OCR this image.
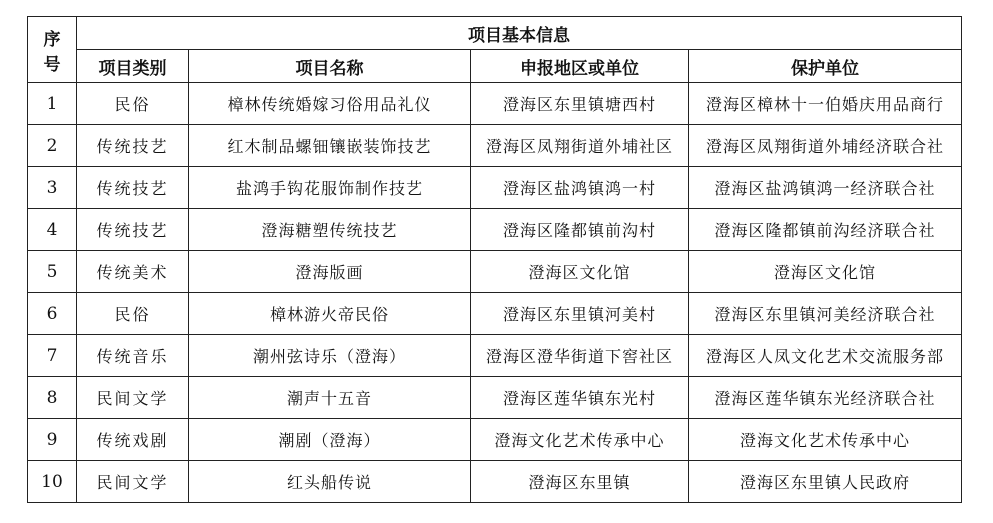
序
号	项目基本信息			
	项目类别	项目名称	申报地区或单位	保护单位
1	民俗	樟林传统婚嫁习俗用品礼仪	澄海区东里镇塘西村	澄海区樟林十一伯婚庆用品商行
2	传统技艺	红木制品螺钿镶嵌装饰技艺	澄海区凤翔街道外埔社区	澄海区凤翔街道外埔经济联合社
3	传统技艺	盐鸿手钩花服饰制作技艺	澄海区盐鸿镇鸿一村	澄海区盐鸿镇鸿一经济联合社
4	传统技艺	澄海糖塑传统技艺	澄海区隆都镇前沟村	澄海区隆都镇前沟经济联合社
5	传统美术	澄海版画	澄海区文化馆	澄海区文化馆
6	民俗	樟林游火帝民俗	澄海区东里镇河美村	澄海区东里镇河美经济联合社
7	传统音乐	潮州弦诗乐（澄海）	澄海区澄华街道下窖社区	澄海区人凤文化艺术交流服务部
8	民间文学	潮声十五音	澄海区莲华镇东光村	澄海区莲华镇东光经济联合社
9	传统戏剧	潮剧（澄海）	澄海文化艺术传承中心	澄海文化艺术传承中心
10	民间文学	红头船传说	澄海区东里镇	澄海区东里镇人民政府
